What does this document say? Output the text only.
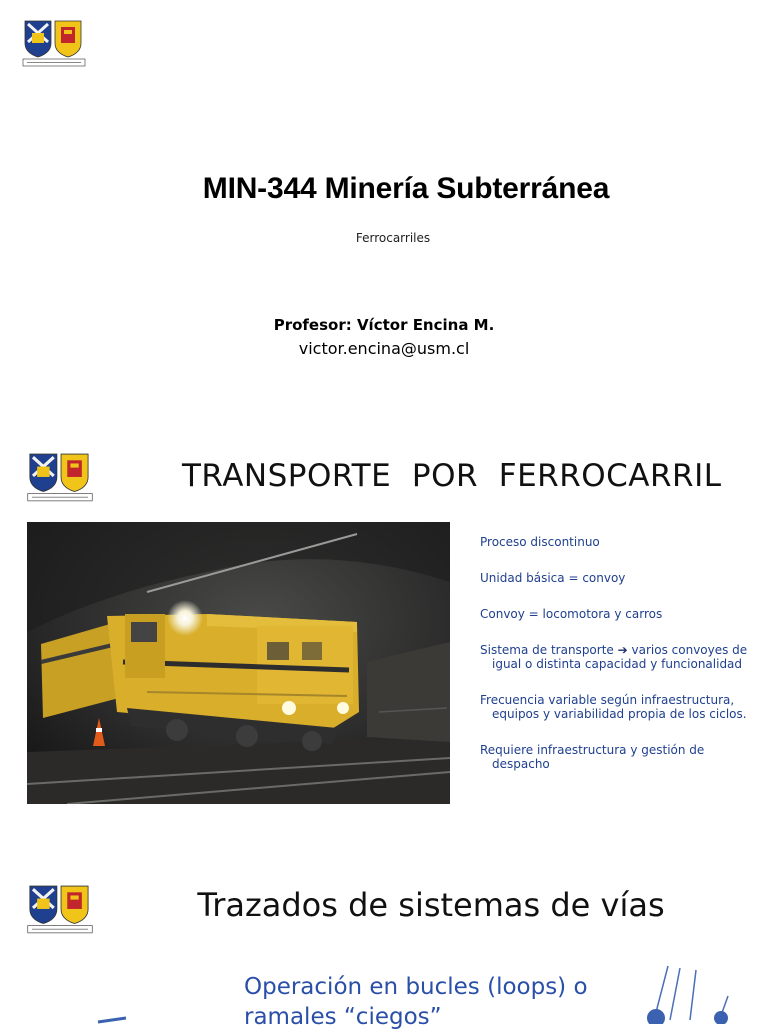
MIN-344 Minería Subterránea
Ferrocarriles
Profesor: Víctor Encina M.
victor.encina@usm.cl
TRANSPORTE  POR  FERROCARRIL
Proceso discontinuo
Unidad básica = convoy
Convoy = locomotora y carros
Sistema de transporte ➔ varios convoyes de igual o distinta capacidad y funcionalidad
Frecuencia variable según infraestructura, equipos y variabilidad propia de los ciclos.
Requiere infraestructura y gestión de despacho
Trazados de sistemas de vías
Operación en bucles (loops) o ramales “ciegos”
